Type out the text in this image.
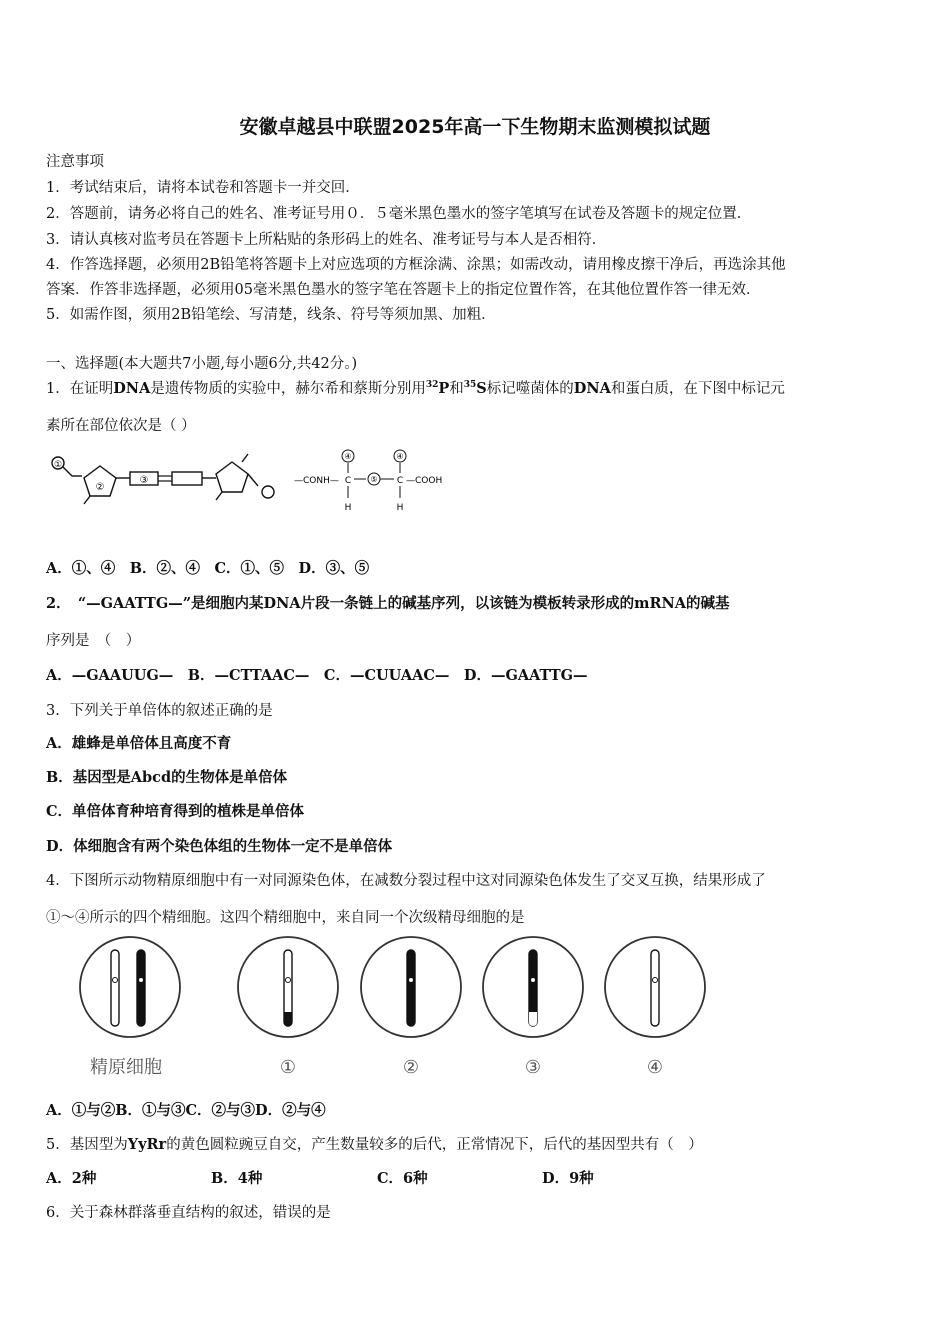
安徽卓越县中联盟2025年高一下生物期末监测模拟试题
注意事项
1．考试结束后，请将本试卷和答题卡一并交回．
2．答题前，请务必将自己的姓名、准考证号用０．５毫米黑色墨水的签字笔填写在试卷及答题卡的规定位置．
3．请认真核对监考员在答题卡上所粘贴的条形码上的姓名、准考证号与本人是否相符．
4．作答选择题，必须用2B铅笔将答题卡上对应选项的方框涂满、涂黑；如需改动，请用橡皮擦干净后，再选涂其他
答案．作答非选择题，必须用05毫米黑色墨水的签字笔在答题卡上的指定位置作答，在其他位置作答一律无效．
5．如需作图，须用2B铅笔绘、写清楚，线条、符号等须加黑、加粗．
一、选择题(本大题共7小题,每小题6分,共42分。)
1．在证明DNA是遗传物质的实验中，赫尔希和蔡斯分别用$^{32}$P和$^{35}$S标记噬菌体的DNA和蛋白质，在下图中标记元
素所在部位依次是（ ）
①
②
③	—CONH— C
④
H
⑤ C
④
H
—COOH
A．①、④　B．②、④　C．①、⑤　D．③、⑤
2．　“—GAATTG—”是细胞内某DNA片段一条链上的碱基序列，以该链为模板转录形成的mRNA的碱基
序列是　（　）
A．—GAAUUG—　B．—CTTAAC—　C．—CUUAAC—　D．—GAATTG—
3．下列关于单倍体的叙述正确的是
A．雄蜂是单倍体且高度不育
B．基因型是Abcd的生物体是单倍体
C．单倍体育种培育得到的植株是单倍体
D．体细胞含有两个染色体组的生物体一定不是单倍体
4．下图所示动物精原细胞中有一对同源染色体，在减数分裂过程中这对同源染色体发生了交叉互换，结果形成了
①～④所示的四个精细胞。这四个精细胞中，来自同一个次级精母细胞的是
精原细胞	①	②	③	④
A．①与②B．①与③C．②与③D．②与④
5．基因型为YyRr的黄色圆粒豌豆自交，产生数量较多的后代，正常情况下，后代的基因型共有（　）
A．2种	B．4种	C．6种	D．9种
6．关于森林群落垂直结构的叙述，错误的是
